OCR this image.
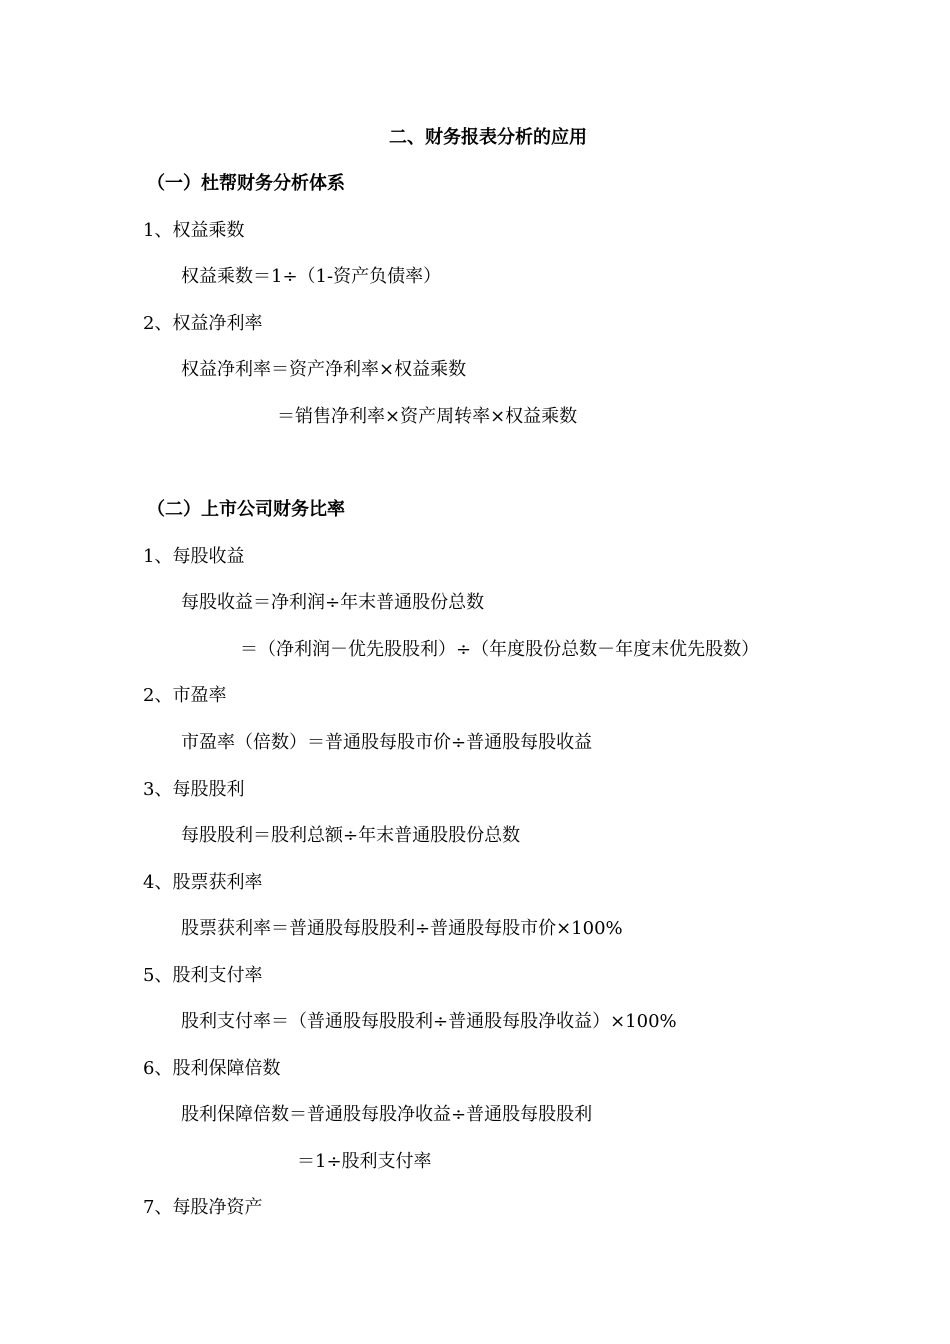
二、财务报表分析的应用
（一）杜帮财务分析体系
1、权益乘数
权益乘数＝1÷（1-资产负债率）
2、权益净利率
权益净利率＝资产净利率×权益乘数
＝销售净利率×资产周转率×权益乘数
（二）上市公司财务比率
1、每股收益
每股收益＝净利润÷年末普通股份总数
＝（净利润－优先股股利）÷（年度股份总数－年度末优先股数）
2、市盈率
市盈率（倍数）＝普通股每股市价÷普通股每股收益
3、每股股利
每股股利＝股利总额÷年末普通股股份总数
4、股票获利率
股票获利率＝普通股每股股利÷普通股每股市价×100%
5、股利支付率
股利支付率＝（普通股每股股利÷普通股每股净收益）×100%
6、股利保障倍数
股利保障倍数＝普通股每股净收益÷普通股每股股利
＝1÷股利支付率
7、每股净资产
